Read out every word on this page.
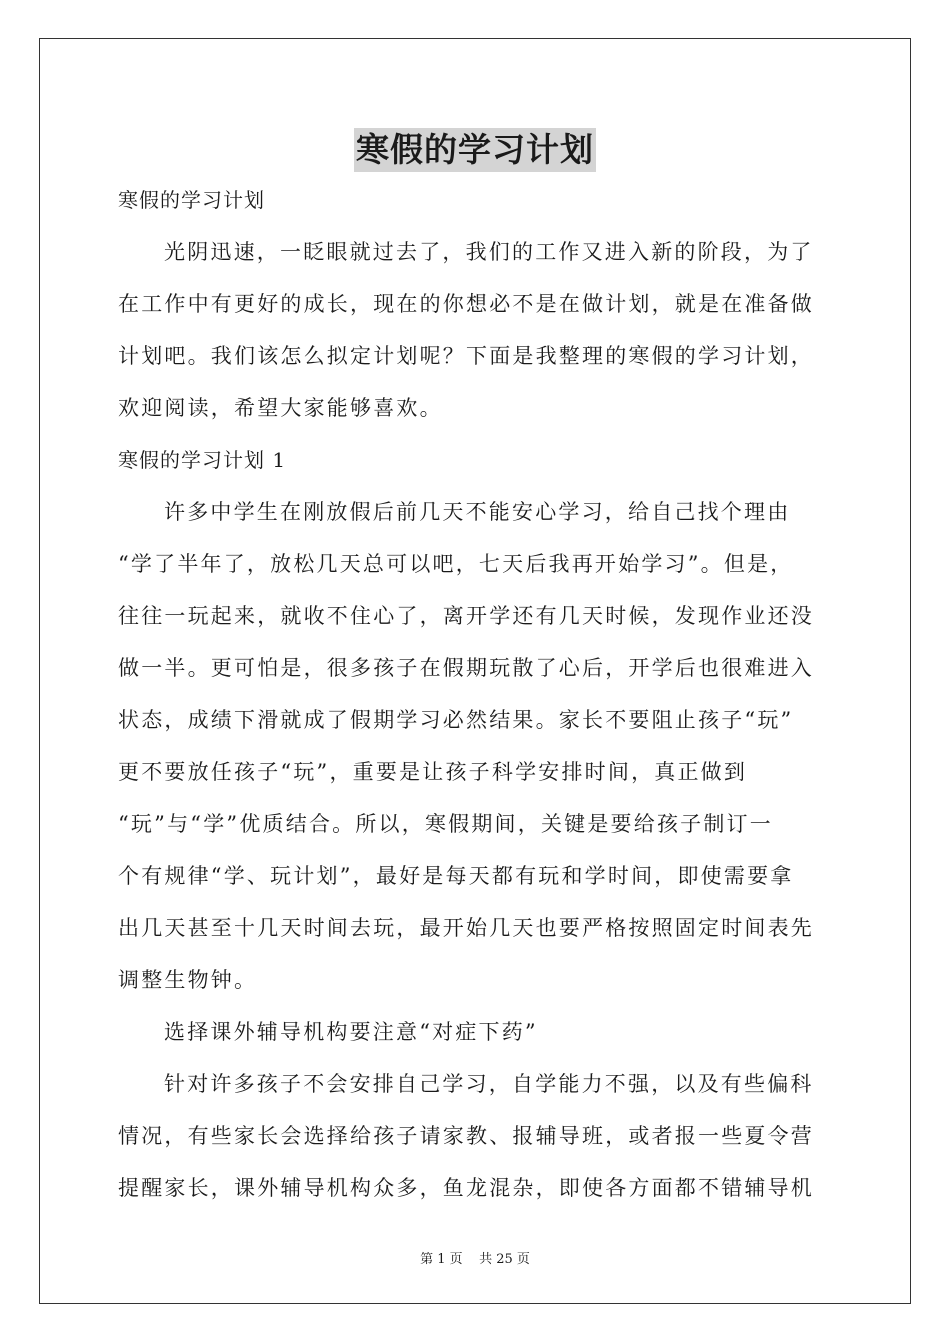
寒假的学习计划
寒假的学习计划
光阴迅速，一眨眼就过去了，我们的工作又进入新的阶段，为了
在工作中有更好的成长，现在的你想必不是在做计划，就是在准备做
计划吧。我们该怎么拟定计划呢？下面是我整理的寒假的学习计划，
欢迎阅读，希望大家能够喜欢。
寒假的学习计划 1
许多中学生在刚放假后前几天不能安心学习，给自己找个理由
“学了半年了，放松几天总可以吧，七天后我再开始学习”。但是，
往往一玩起来，就收不住心了，离开学还有几天时候，发现作业还没
做一半。更可怕是，很多孩子在假期玩散了心后，开学后也很难进入
状态，成绩下滑就成了假期学习必然结果。家长不要阻止孩子“玩”
更不要放任孩子“玩”，重要是让孩子科学安排时间，真正做到
“玩”与“学”优质结合。所以，寒假期间，关键是要给孩子制订一
个有规律“学、玩计划”，最好是每天都有玩和学时间，即使需要拿
出几天甚至十几天时间去玩，最开始几天也要严格按照固定时间表先
调整生物钟。
选择课外辅导机构要注意“对症下药”
针对许多孩子不会安排自己学习，自学能力不强，以及有些偏科
情况，有些家长会选择给孩子请家教、报辅导班，或者报一些夏令营
提醒家长，课外辅导机构众多，鱼龙混杂，即使各方面都不错辅导机
第 1 页    共 25 页
